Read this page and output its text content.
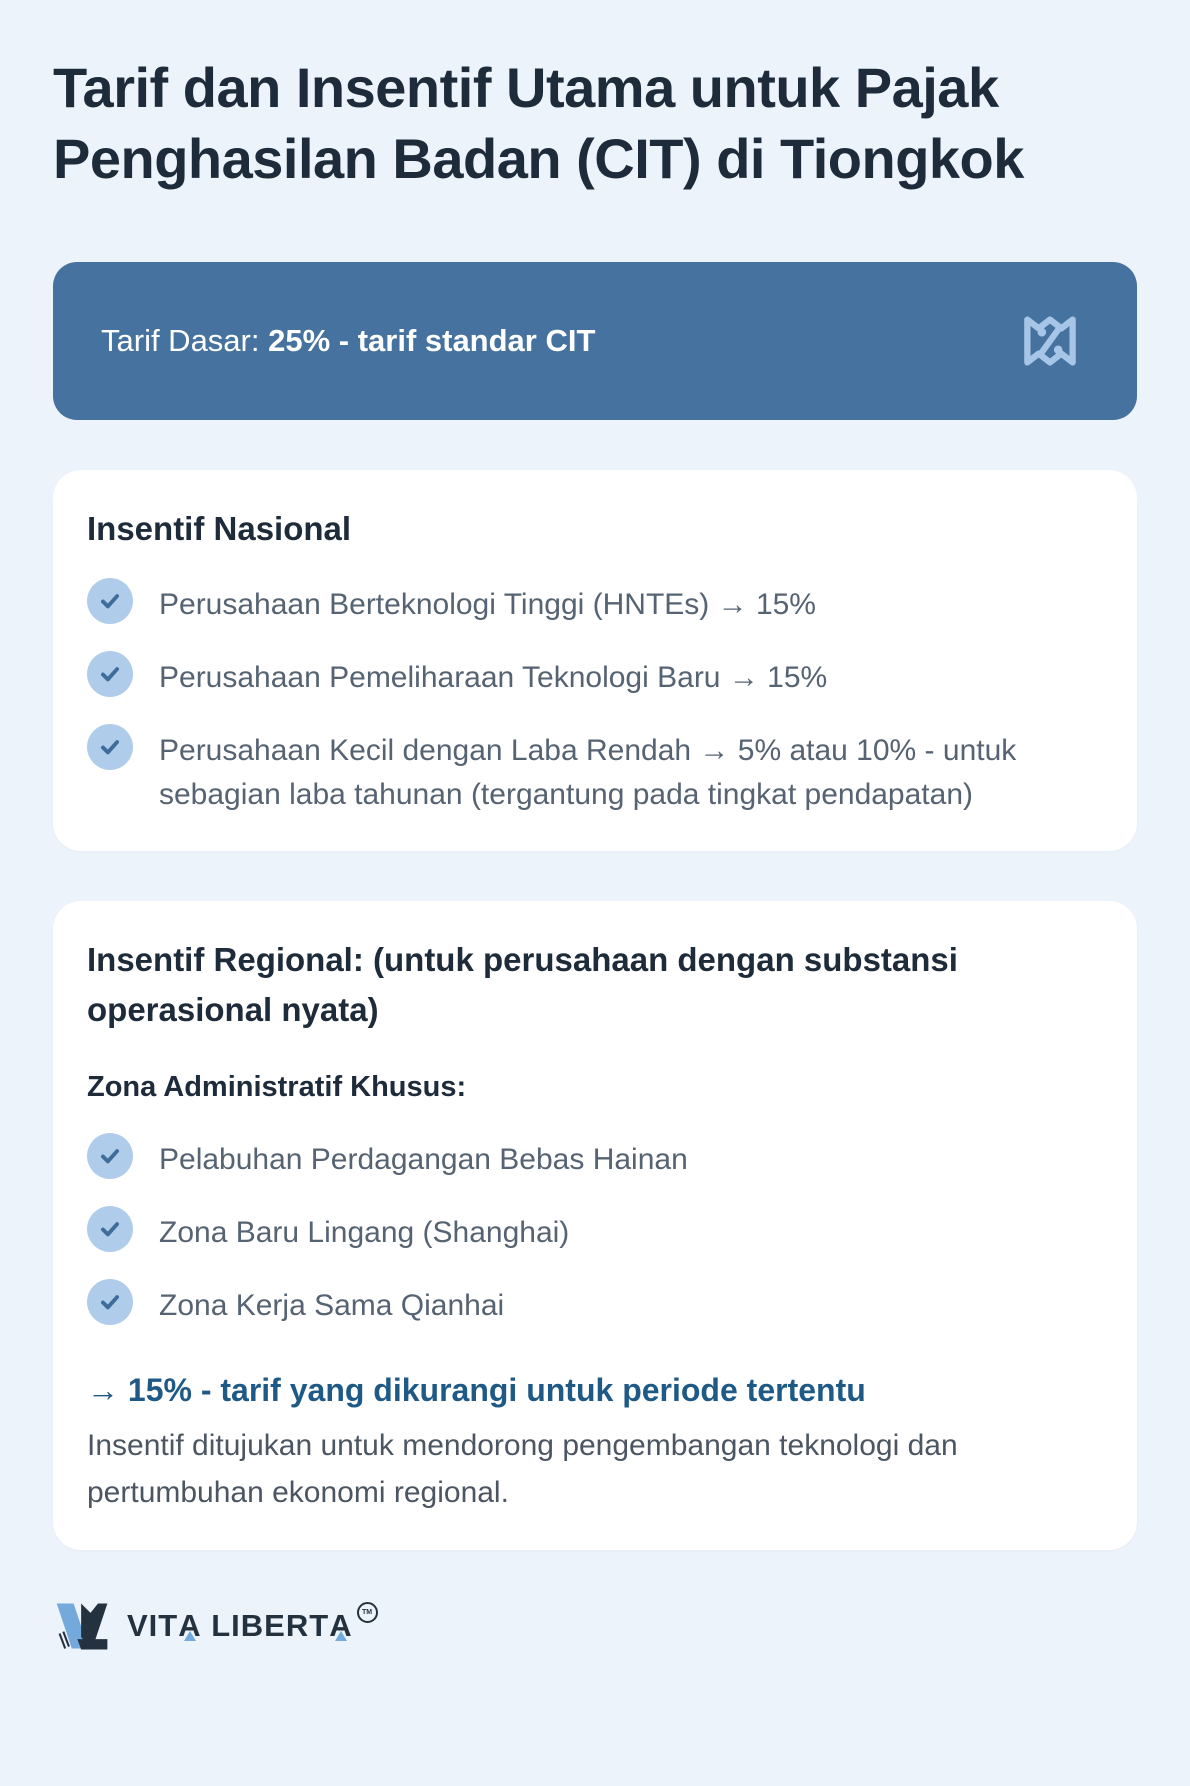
Tarif dan Insentif Utama untuk Pajak Penghasilan Badan (CIT) di Tiongkok

Tarif Dasar: 25% - tarif standar CIT

Insentif Nasional
Perusahaan Berteknologi Tinggi (HNTEs) → 15%
Perusahaan Pemeliharaan Teknologi Baru → 15%
Perusahaan Kecil dengan Laba Rendah → 5% atau 10% - untuk sebagian laba tahunan (tergantung pada tingkat pendapatan)
Insentif Regional: (untuk perusahaan dengan substansi operasional nyata)
Zona Administratif Khusus:
Pelabuhan Perdagangan Bebas Hainan
Zona Baru Lingang (Shanghai)
Zona Kerja Sama Qianhai

→ 15% - tarif yang dikurangi untuk periode tertentu

Insentif ditujukan untuk mendorong pengembangan teknologi dan pertumbuhan ekonomi regional.

VITA LIBERTA	TM
